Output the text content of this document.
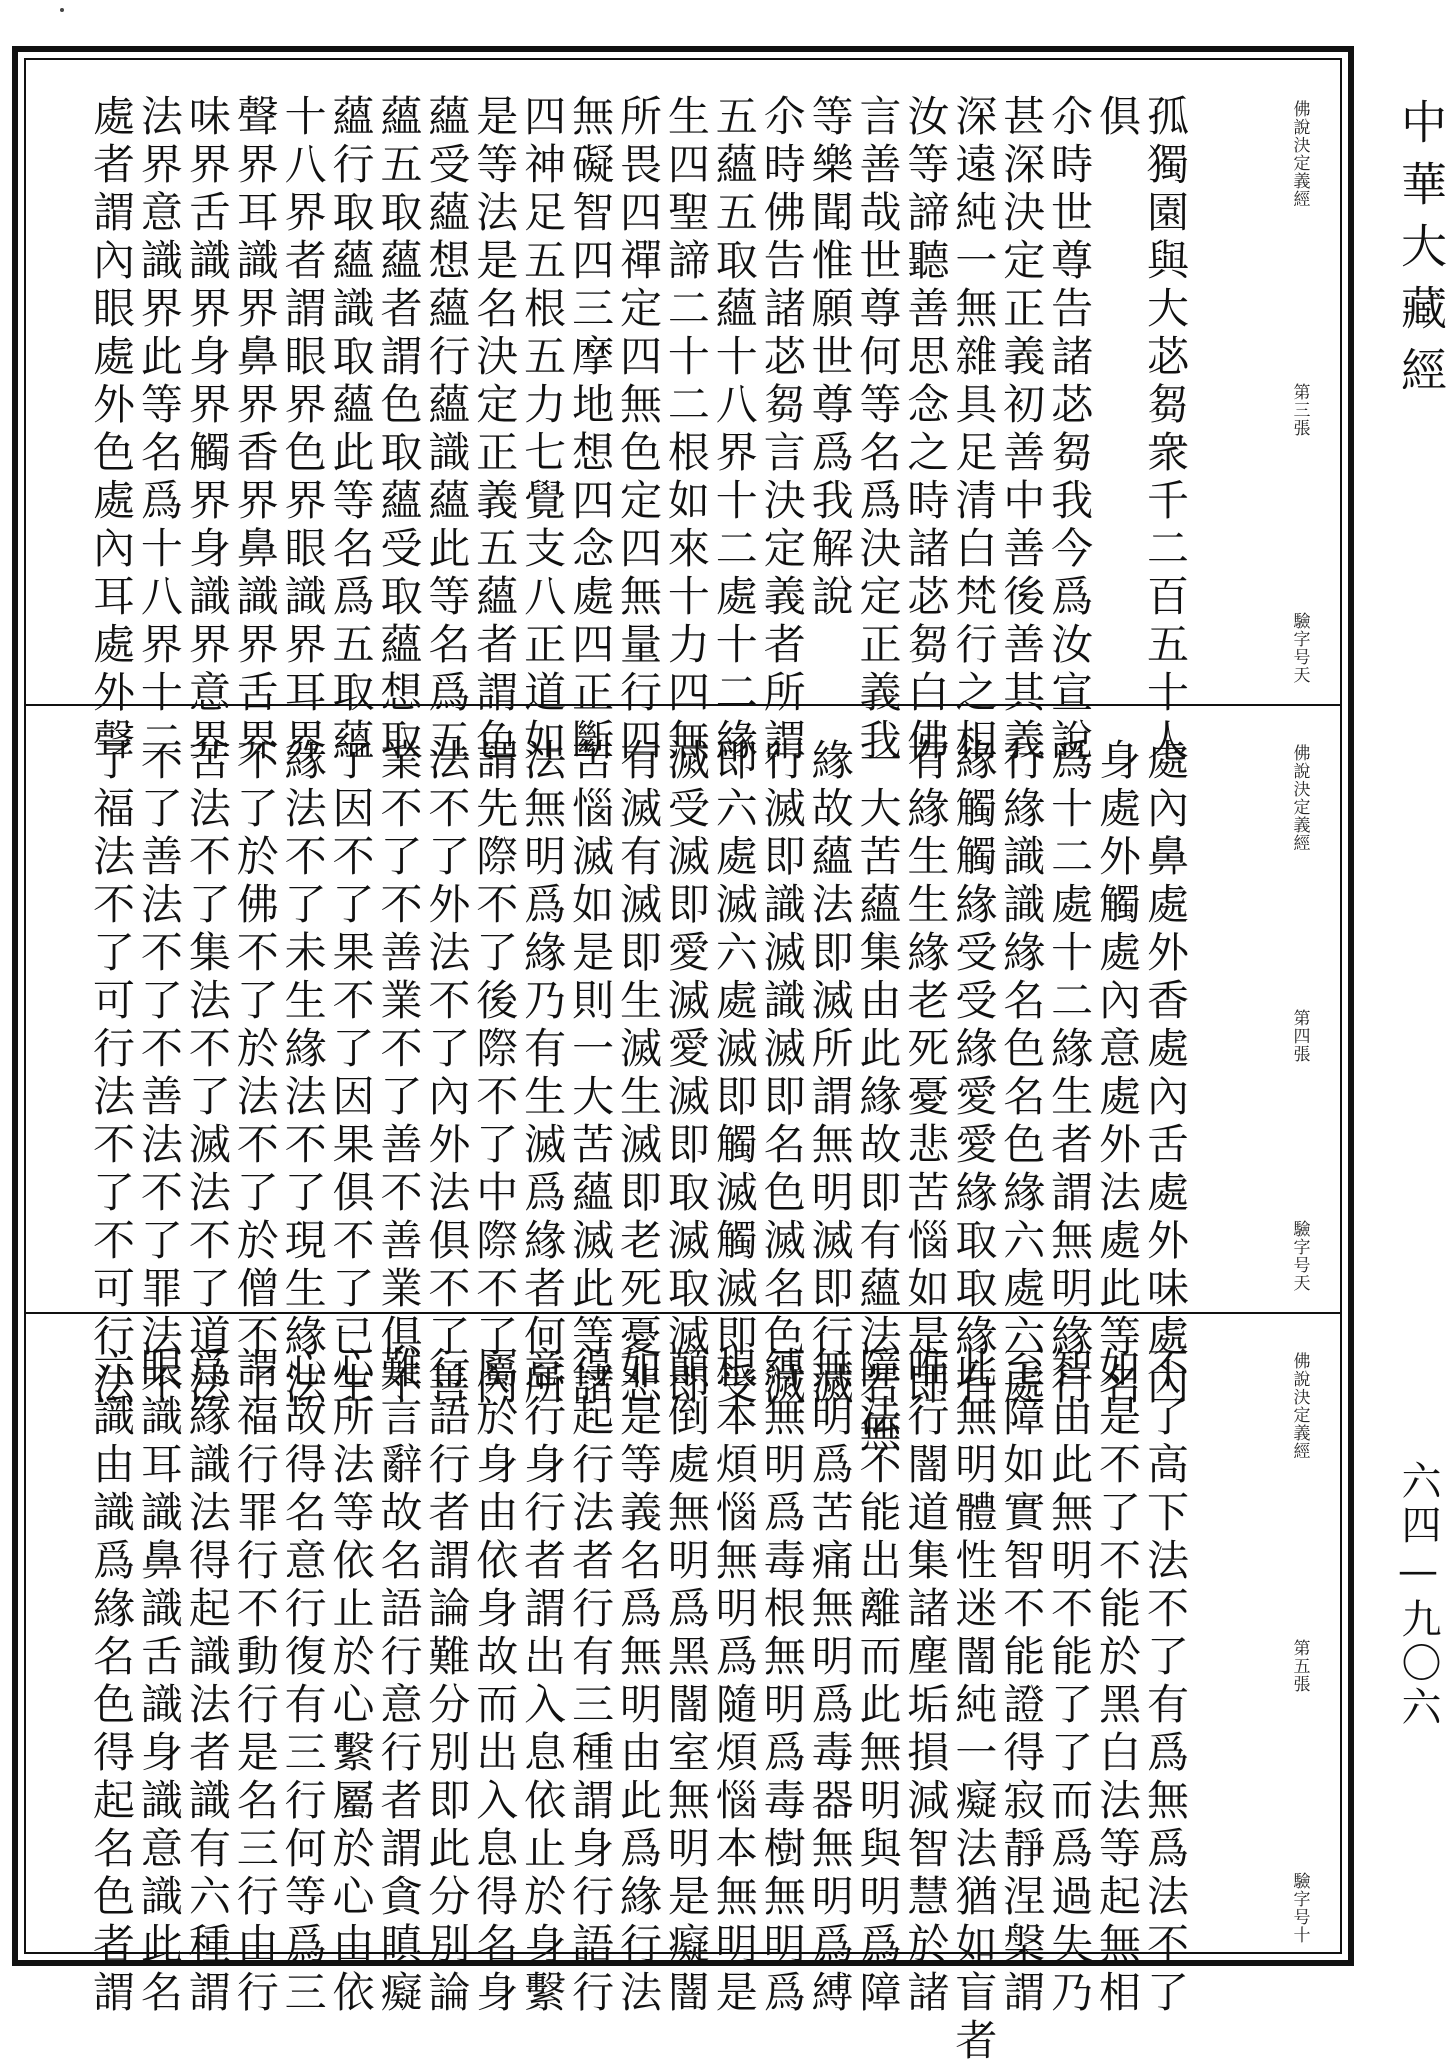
孤獨園與大苾芻衆千二百五十人
俱
尒時世尊告諸苾芻我今爲汝宣說
甚深決定正義初善中善後善其義
深遠純一無雜具足清白梵行之相
汝等諦聽善思念之時諸苾芻白佛
言善哉世尊何等名爲決定正義我
等樂聞惟願世尊爲我解說
尒時佛告諸苾芻言決定義者所謂
五蘊五取蘊十八界十二處十二緣
生四聖諦二十二根如來十力四無
所畏四禪定四無色定四無量行四
無礙智四三摩地想四念處四正斷
四神足五根五力七覺支八正道如
是等法是名決定正義五蘊者謂色
蘊受蘊想蘊行蘊識蘊此等名爲五
蘊五取蘊者謂色取蘊受取蘊想取
蘊行取蘊識取蘊此等名爲五取蘊
十八界者謂眼界色界眼識界耳界
聲界耳識界鼻界香界鼻識界舌界
味界舌識界身界觸界身識界意界
法界意識界此等名爲十八界十二
處者謂內眼處外色處內耳處外聲	佛說決定義經
第三張
驗字号天
處內鼻處外香處內舌處外味處內
身處外觸處內意處外法處此等名
爲十二處十二緣生者謂無明緣行
行緣識識緣名色名色緣六處六處
緣觸觸緣受受緣愛愛緣取取緣有
有緣生生緣老死憂悲苦惱如是即
一大苦蘊集由此緣故即有蘊法若無
緣故蘊法即滅所謂無明滅即行滅
行滅即識滅識滅即名色滅名色滅
即六處滅六處滅即觸滅觸滅即受
滅受滅即愛滅愛滅即取滅取滅即
有滅有滅即生滅生滅即老死憂悲
苦惱滅如是則一大苦蘊滅此等諸
法無明爲緣乃有生滅爲緣者何所
謂先際不了後際不了中際不了內
法不了外法不了內外法俱不了善
業不了不善業不了善不善業俱不
了因不了果不了因果俱不了已生
緣法不了未生緣法不了現生緣法
不了於佛不了於法不了於僧不了
苦法不了集法不了滅法不了道法
不了善法不了不善法不了罪法不
了福法不了可行法不了不可行法	佛說決定義經
第四張
驗字号天
不了高下法不了有爲無爲法不了
如是不了不能於黑白法等起無相
智由此無明不能了了而爲過失乃
至障如實智不能證得寂靜涅槃謂
此無明體性迷闇純一癡法猶如盲者
唯行闇道集諸塵垢損減智慧於諸
障法不能出離而此無明與明爲障
無明爲苦痛無明爲毒器無明爲縛
縛無明爲毒根無明爲毒樹無明爲
根本煩惱無明爲隨煩惱本無明是
顛倒處無明爲黑闇室無明是癡闇
如是等義名爲無明由此爲緣行法
得起行法者行有三種謂身行語行
意行身行者謂出入息依止於身繫
屬於身由依身故而出入息得名身
行語行者謂論難分別即此分別論
難言辭故名語行意行者謂貪瞋癡
心所法等依止於心繫屬於心由依
心故得名意行復有三行何等爲三
謂福行罪行不動行是名三行由行
爲緣識法得起識法者識有六種謂
眼識耳識鼻識舌識身識意識此名
六識由識爲緣名色得起名色者謂	佛說決定義經
第五張
驗字号十
中華大藏經
六四—九〇六
